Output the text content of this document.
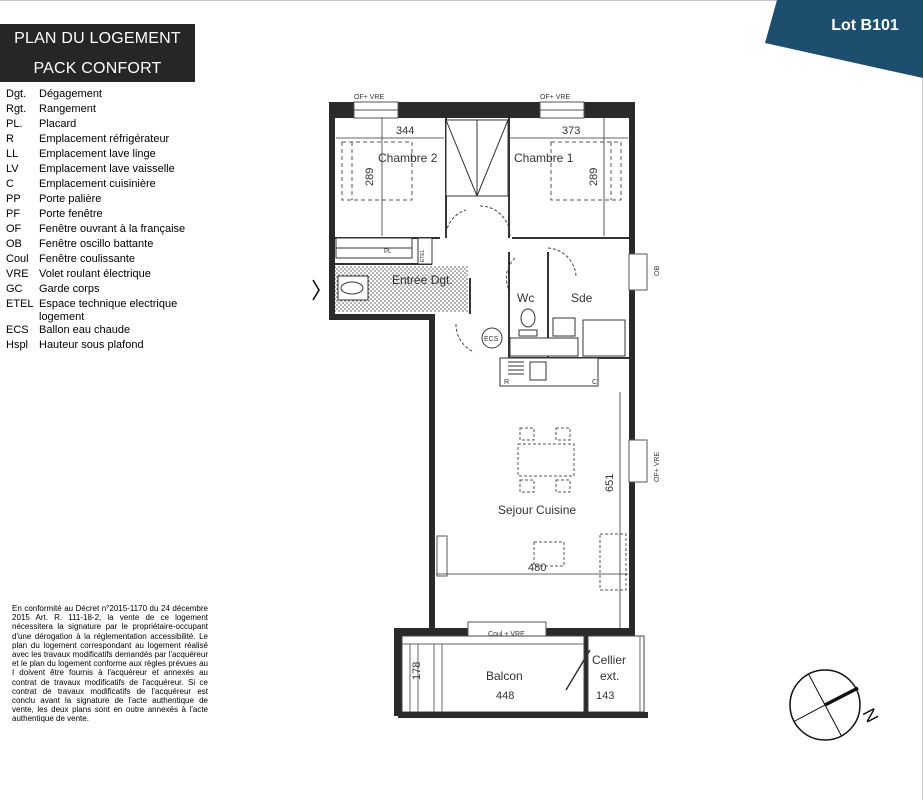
PLAN DU LOGEMENT
PACK CONFORT
Lot B101
Dgt.	Dégagement
Rgt.	Rangement
PL.	Placard
R	Emplacement réfrigérateur
LL	Emplacement lave linge
LV	Emplacement lave vaisselle
C	Emplacement cuisinière
PP	Porte palière
PF	Porte fenêtre
OF	Fenêtre ouvrant à la française
OB	Fenêtre oscillo battante
Coul Fenêtre coulissante
VRE Volet roulant électrique
GC	Garde corps
ETEL Espace technique electrique logement
ECS Ballon eau chaude
Hspl Hauteur sous plafond
En conformité au Décret n°2015-1170 du 24 décembre 2015 Art. R. 111-18-2, la vente de ce logement nécessitera la signature par le propriétaire-occupant d'une dérogation à la réglementation accessibilité. Le plan du logement correspondant au logement réalisé avec les travaux modificatifs demandés par l'acquéreur et le plan du logement conforme aux règles prévues au I doivent être fournis à l'acquéreur et annexés au contrat de travaux modificatifs de l'acquéreur. Si ce contrat de travaux modificatifs de l'acquéreur est conclu avant la signature de l'acte authentique de vente, les deux plans sont en outre annexés à l'acte authentique de vente.
PL	ETEL
ECS
R	C
Chambre 2	Chambre 1
Entrée Dgt.
Wc	Sde
Sejour Cuisine
Balcon
Cellier
ext.
344	373
289	289
651
480
178
448	143
OF+ VRE	OF+ VRE
OB
OF+ VRE
Coul + VRE
N
